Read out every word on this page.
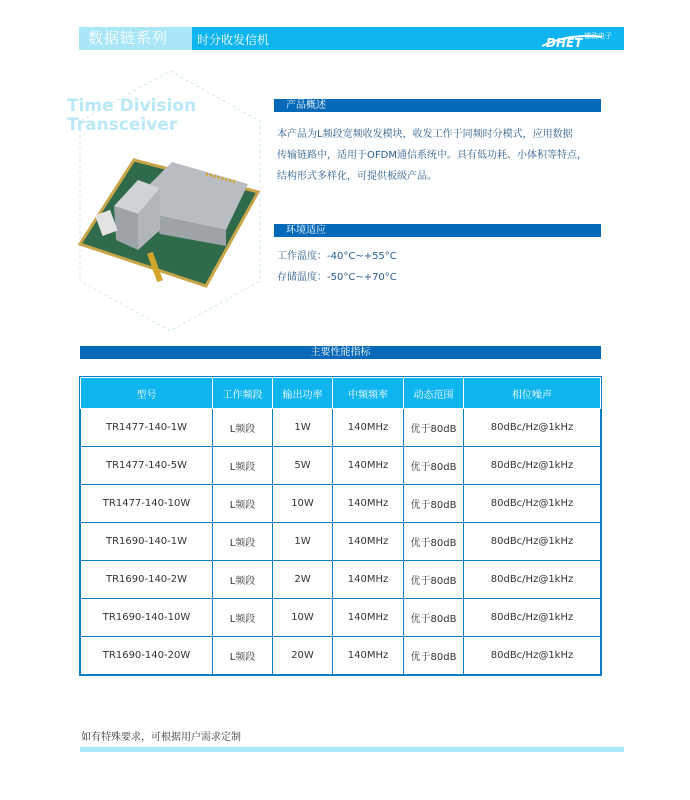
数据链系列	时分收发信机	DHET 德浩电子
Time Division
Transceiver
产品概述
本产品为L频段宽频收发模块，收发工作于同频时分模式，应用数据
传输链路中，适用于OFDM通信系统中。具有低功耗、小体积等特点，
结构形式多样化，可提供板级产品。
环境适应
工作温度：-40°C~+55°C
存储温度：-50°C~+70°C
主要性能指标
型号	工作频段	输出功率	中频频率	动态范围	相位噪声
TR1477-140-1W	L频段	1W	140MHz	优于80dB	80dBc/Hz@1kHz
TR1477-140-5W	L频段	5W	140MHz	优于80dB	80dBc/Hz@1kHz
TR1477-140-10W	L频段	10W	140MHz	优于80dB	80dBc/Hz@1kHz
TR1690-140-1W	L频段	1W	140MHz	优于80dB	80dBc/Hz@1kHz
TR1690-140-2W	L频段	2W	140MHz	优于80dB	80dBc/Hz@1kHz
TR1690-140-10W	L频段	10W	140MHz	优于80dB	80dBc/Hz@1kHz
TR1690-140-20W	L频段	20W	140MHz	优于80dB	80dBc/Hz@1kHz
如有特殊要求，可根据用户需求定制
